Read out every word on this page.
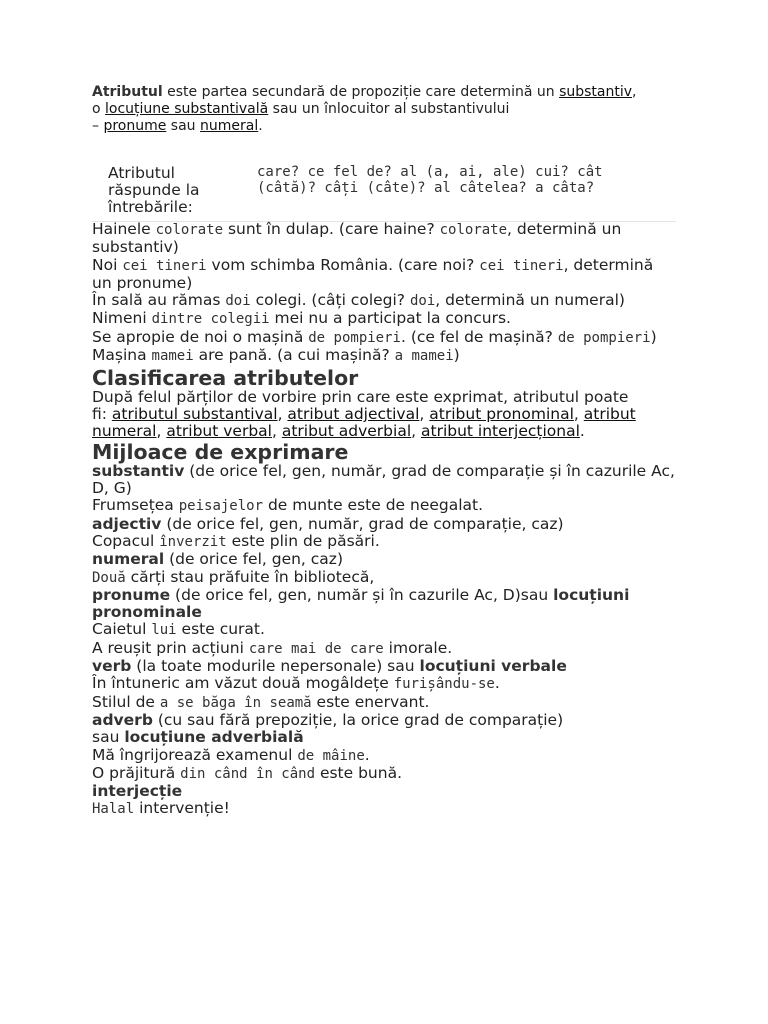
Atributul este partea secundară de propoziție care determină un substantiv,
o locuțiune substantivală sau un înlocuitor al substantivului
– pronume sau numeral.
Atributul răspunde la întrebările:
care? ce fel de? al (a, ai, ale) cui? cât (câtă)? câți (câte)? al câtelea? a câta?
Hainele colorate sunt în dulap. (care haine? colorate, determină un
substantiv)
Noi cei tineri vom schimba România. (care noi? cei tineri, determină
un pronume)
În sală au rămas doi colegi. (câți colegi? doi, determină un numeral)
Nimeni dintre colegii mei nu a participat la concurs.
Se apropie de noi o mașină de pompieri. (ce fel de mașină? de pompieri)
Mașina mamei are pană. (a cui mașină? a mamei)
Clasificarea atributelor

După felul părților de vorbire prin care este exprimat, atributul poate
fi: atributul substantival, atribut adjectival, atribut pronominal, atribut numeral, atribut verbal, atribut adverbial, atribut interjecțional.

Mijloace de exprimare
substantiv (de orice fel, gen, număr, grad de comparație și în cazurile Ac,
D, G)
Frumsețea peisajelor de munte este de neegalat.
adjectiv (de orice fel, gen, număr, grad de comparație, caz)
Copacul înverzit este plin de păsări.
numeral (de orice fel, gen, caz)
Două cărți stau prăfuite în bibliotecă,
pronume (de orice fel, gen, număr și în cazurile Ac, D)sau locuțiuni pronominale
Caietul lui este curat.
A reușit prin acțiuni care mai de care imorale.
verb (la toate modurile nepersonale) sau locuțiuni verbale
În întuneric am văzut două mogâldețe furișându-se.
Stilul de a se băga în seamă este enervant.
adverb (cu sau fără prepoziție, la orice grad de comparație)
sau locuțiune adverbială
Mă îngrijorează examenul de mâine.
O prăjitură din când în când este bună.
interjecție
Halal intervenție!
